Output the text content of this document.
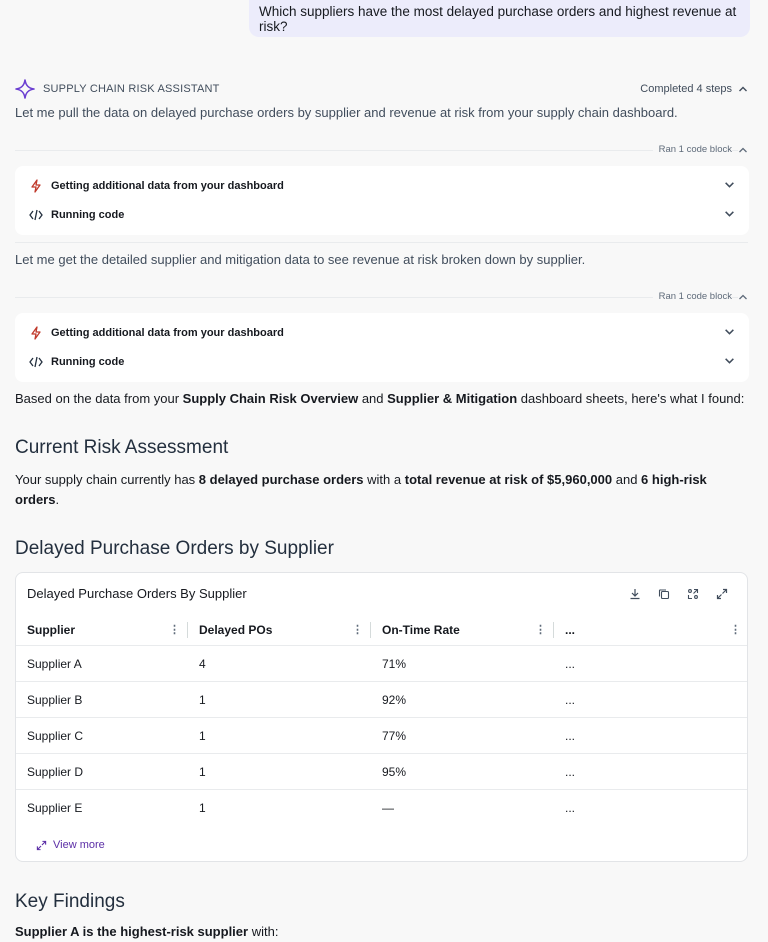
Which suppliers have the most delayed purchase orders and highest revenue at risk?
SUPPLY CHAIN RISK ASSISTANT	Completed 4 steps
Let me pull the data on delayed purchase orders by supplier and revenue at risk from your supply chain dashboard.
Ran 1 code block
Getting additional data from your dashboard
Running code
Let me get the detailed supplier and mitigation data to see revenue at risk broken down by supplier.
Ran 1 code block
Getting additional data from your dashboard
Running code
Based on the data from your Supply Chain Risk Overview and Supplier & Mitigation dashboard sheets, here's what I found:
Current Risk Assessment
Your supply chain currently has 8 delayed purchase orders with a total revenue at risk of $5,960,000 and 6 high-risk orders.
Delayed Purchase Orders by Supplier
Delayed Purchase Orders By Supplier
Supplier ⋮	Delayed POs ⋮	On-Time Rate ⋮	... ⋮

Supplier A	4	71%	...
Supplier B	1	92%	...
Supplier C	1	77%	...
Supplier D	1	95%	...
Supplier E	1	—	...
View more
Key Findings
Supplier A is the highest-risk supplier with:
